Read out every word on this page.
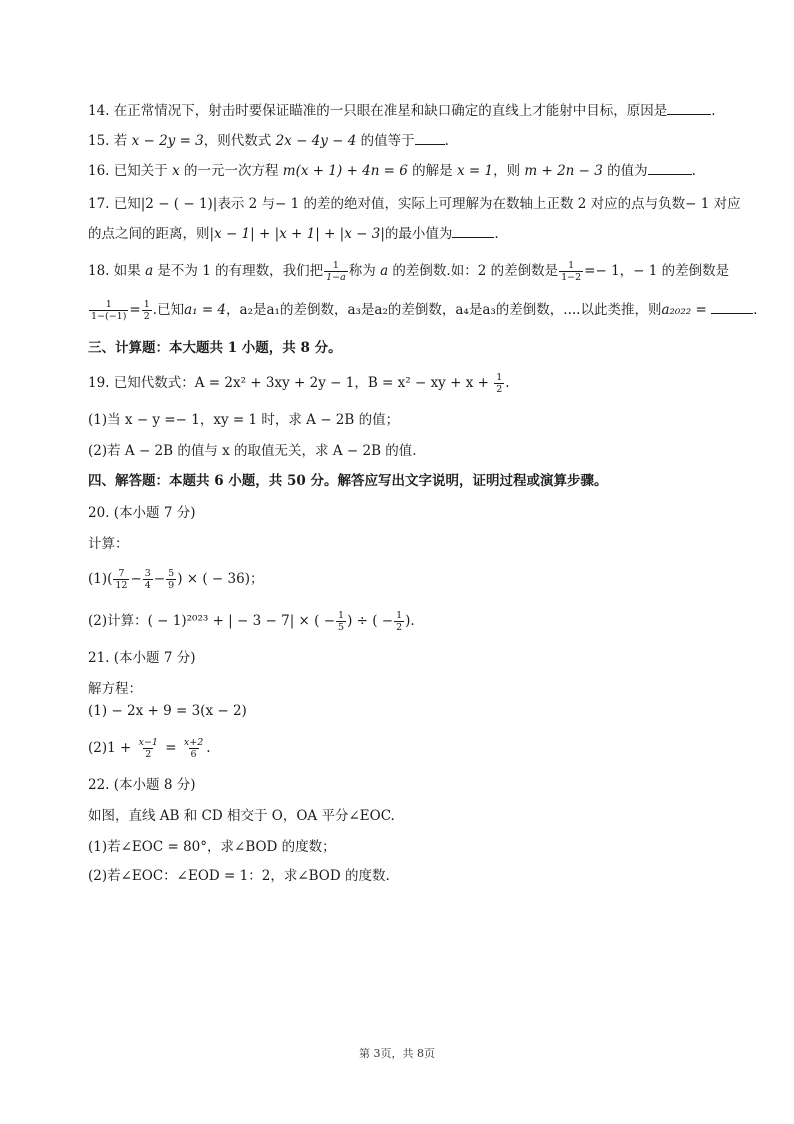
14. 在正常情况下，射击时要保证瞄准的一只眼在准星和缺口确定的直线上才能射中目标，原因是	.
15. 若 x − 2y = 3，则代数式 2x − 4y − 4 的值等于 .
16. 已知关于 x 的一元一次方程 m(x + 1) + 4n = 6 的解是 x = 1，则 m + 2n − 3 的值为	.
17. 已知|2 − ( − 1)|表示 2 与− 1 的差的绝对值，实际上可理解为在数轴上正数 2 对应的点与负数− 1 对应
的点之间的距离，则|x − 1| + |x + 1| + |x − 3|的最小值为	.
18. 如果 a 是不为 1 的有理数，我们把 $\frac{1}{1-a}$ 称为 a 的差倒数.如：2 的差倒数是 $\frac{1}{1-2} =- 1$，− 1 的差倒数是
$\frac{1}{1-(-1)} = \frac{1}{2}$ .已知a₁ = 4，a₂是a₁的差倒数，a₃是a₂的差倒数，a₄是a₃的差倒数，....以此类推，则a₂₀₂₂ =	.
三、计算题：本大题共 1 小题，共 8 分。
19. 已知代数式：A = 2x² + 3xy + 2y − 1，B = x² − xy + $x + \frac{1}{2}$ .
(1)当 x − y =− 1，xy = 1 时，求 A − 2B 的值；
(2)若 A − 2B 的值与 x 的取值无关，求 A − 2B 的值.
四、解答题：本题共 6 小题，共 50 分。解答应写出文字说明，证明过程或演算步骤。
20. (本小题 7 分)
计算：
$(1)( \frac{7}{12} - \frac{3}{4} - \frac{5}{9}$ ) × ( − 36)；
(2)计算：( − 1)²⁰²³ + | − 3 − 7| × ( − $\frac{1}{5}$ ) ÷ ( − $\frac{1}{2}$ ).
21. (本小题 7 分)
解方程：
(1) − 2x + 9 = 3(x − 2)
$(2)1 + \frac{x-1}{2} = \frac{x+2}{6}$ .
22. (本小题 8 分)
如图，直线 AB 和 CD 相交于 O，OA 平分∠EOC.
(1)若∠EOC = 80°，求∠BOD 的度数；
(2)若∠EOC：∠EOD = 1：2，求∠BOD 的度数.
第 3页，共 8页
